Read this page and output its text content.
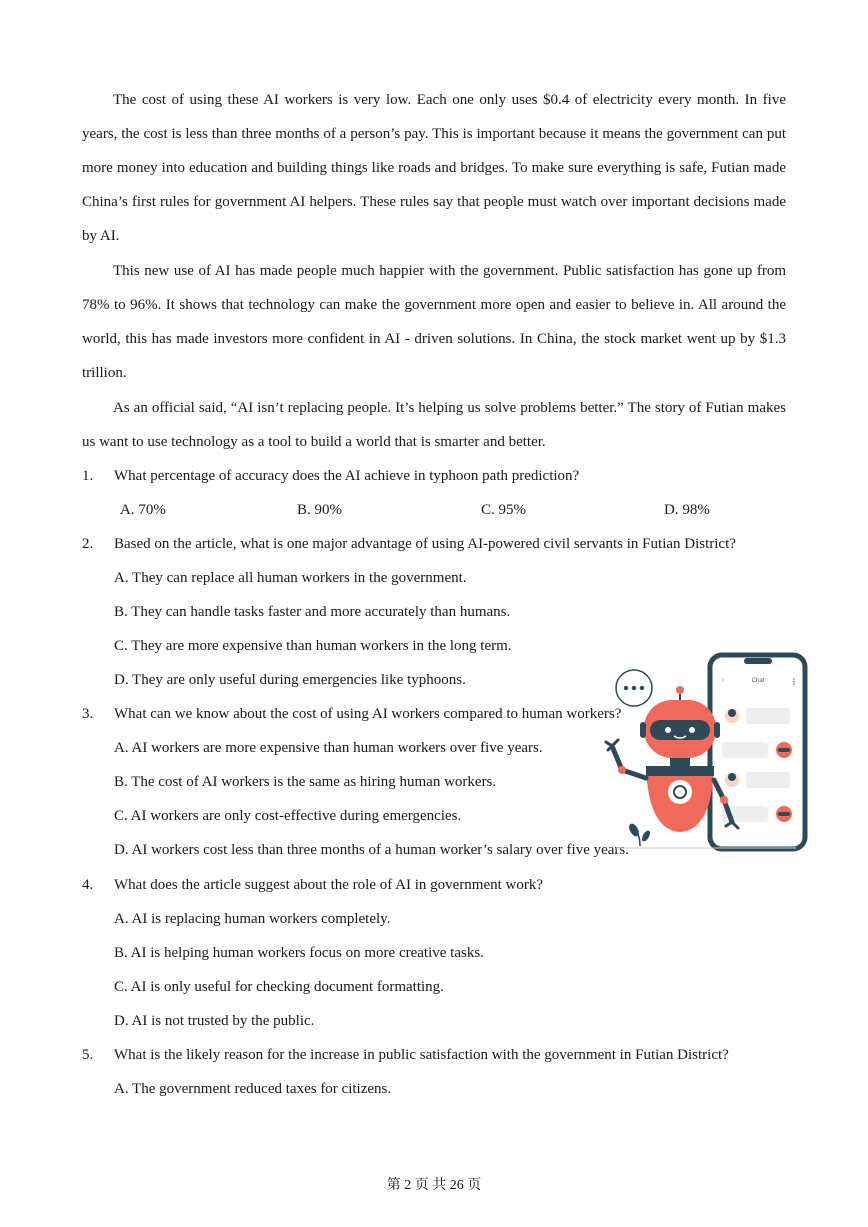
The cost of using these AI workers is very low. Each one only uses $0.4 of electricity every month. In five years, the cost is less than three months of a person’s pay. This is important because it means the government can put more money into education and building things like roads and bridges. To make sure everything is safe, Futian made China’s first rules for government AI helpers. These rules say that people must watch over important decisions made by AI.

This new use of AI has made people much happier with the government. Public satisfaction has gone up from 78% to 96%. It shows that technology can make the government more open and easier to believe in. All around the world, this has made investors more confident in AI - driven solutions. In China, the stock market went up by $1.3 trillion.

As an official said, “AI isn’t replacing people. It’s helping us solve problems better.” The story of Futian makes us want to use technology as a tool to build a world that is smarter and better.

1. What percentage of accuracy does the AI achieve in typhoon path prediction?
A. 70%	B. 90%	C. 95%	D. 98%
2. Based on the article, what is one major advantage of using AI-powered civil servants in Futian District?

A. They can replace all human workers in the government.

B. They can handle tasks faster and more accurately than humans.

C. They are more expensive than human workers in the long term.

D. They are only useful during emergencies like typhoons.

3. What can we know about the cost of using AI workers compared to human workers?

A. AI workers are more expensive than human workers over five years.

B. The cost of AI workers is the same as hiring human workers.

C. AI workers are only cost-effective during emergencies.

D. AI workers cost less than three months of a human worker’s salary over five years.

4. What does the article suggest about the role of AI in government work?

A. AI is replacing human workers completely.

B. AI is helping human workers focus on more creative tasks.

C. AI is only useful for checking document formatting.

D. AI is not trusted by the public.

5. What is the likely reason for the increase in public satisfaction with the government in Futian District?

A. The government reduced taxes for citizens.

Chat
‹
第 2 页 共 26 页
